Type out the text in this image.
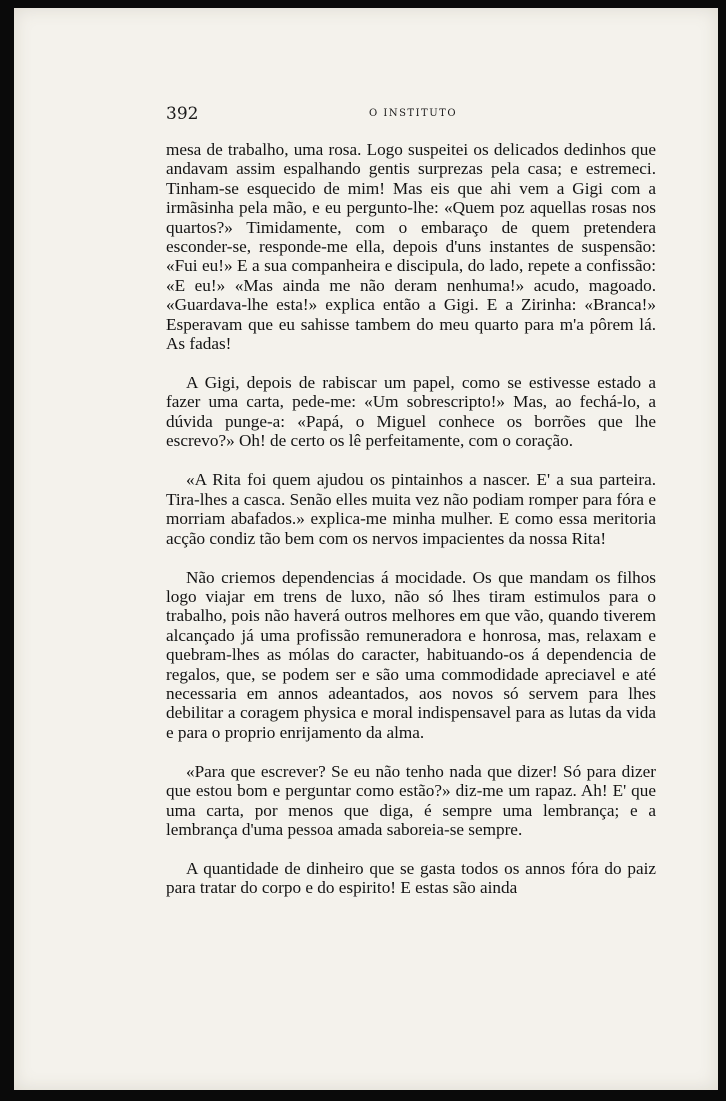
392	O INSTITUTO

mesa de trabalho, uma rosa. Logo suspeitei os delicados dedinhos que andavam assim espalhando gentis surprezas pela casa; e estremeci. Tinham-se esquecido de mim! Mas eis que ahi vem a Gigi com a irmãsinha pela mão, e eu pergunto-lhe: «Quem poz aquellas rosas nos quartos?» Timidamente, com o embaraço de quem pretendera esconder-se, responde-me ella, depois d'uns instantes de suspensão: «Fui eu!» E a sua companheira e discipula, do lado, repete a confissão: «E eu!» «Mas ainda me não deram nenhuma!» acudo, magoado. «Guardava-lhe esta!» explica então a Gigi. E a Zirinha: «Branca!» Esperavam que eu sahisse tambem do meu quarto para m'a pôrem lá. As fadas!

A Gigi, depois de rabiscar um papel, como se estivesse estado a fazer uma carta, pede-me: «Um sobrescripto!» Mas, ao fechá-lo, a dúvida punge-a: «Papá, o Miguel conhece os borrões que lhe escrevo?» Oh! de certo os lê perfeitamente, com o coração.

«A Rita foi quem ajudou os pintainhos a nascer. E' a sua parteira. Tira-lhes a casca. Senão elles muita vez não podiam romper para fóra e morriam abafados.» explica-me minha mulher. E como essa meritoria acção condiz tão bem com os nervos impacientes da nossa Rita!

Não criemos dependencias á mocidade. Os que mandam os filhos logo viajar em trens de luxo, não só lhes tiram estimulos para o trabalho, pois não haverá outros melhores em que vão, quando tiverem alcançado já uma profissão remuneradora e honrosa, mas, relaxam e quebram-lhes as mólas do caracter, habituando-os á dependencia de regalos, que, se podem ser e são uma commodidade apreciavel e até necessaria em annos adeantados, aos novos só servem para lhes debilitar a coragem physica e moral indispensavel para as lutas da vida e para o proprio enrijamento da alma.

«Para que escrever? Se eu não tenho nada que dizer! Só para dizer que estou bom e perguntar como estão?» diz-me um rapaz. Ah! E' que uma carta, por menos que diga, é sempre uma lembrança; e a lembrança d'uma pessoa amada saboreia-se sempre.

A quantidade de dinheiro que se gasta todos os annos fóra do paiz para tratar do corpo e do espirito! E estas são ainda
